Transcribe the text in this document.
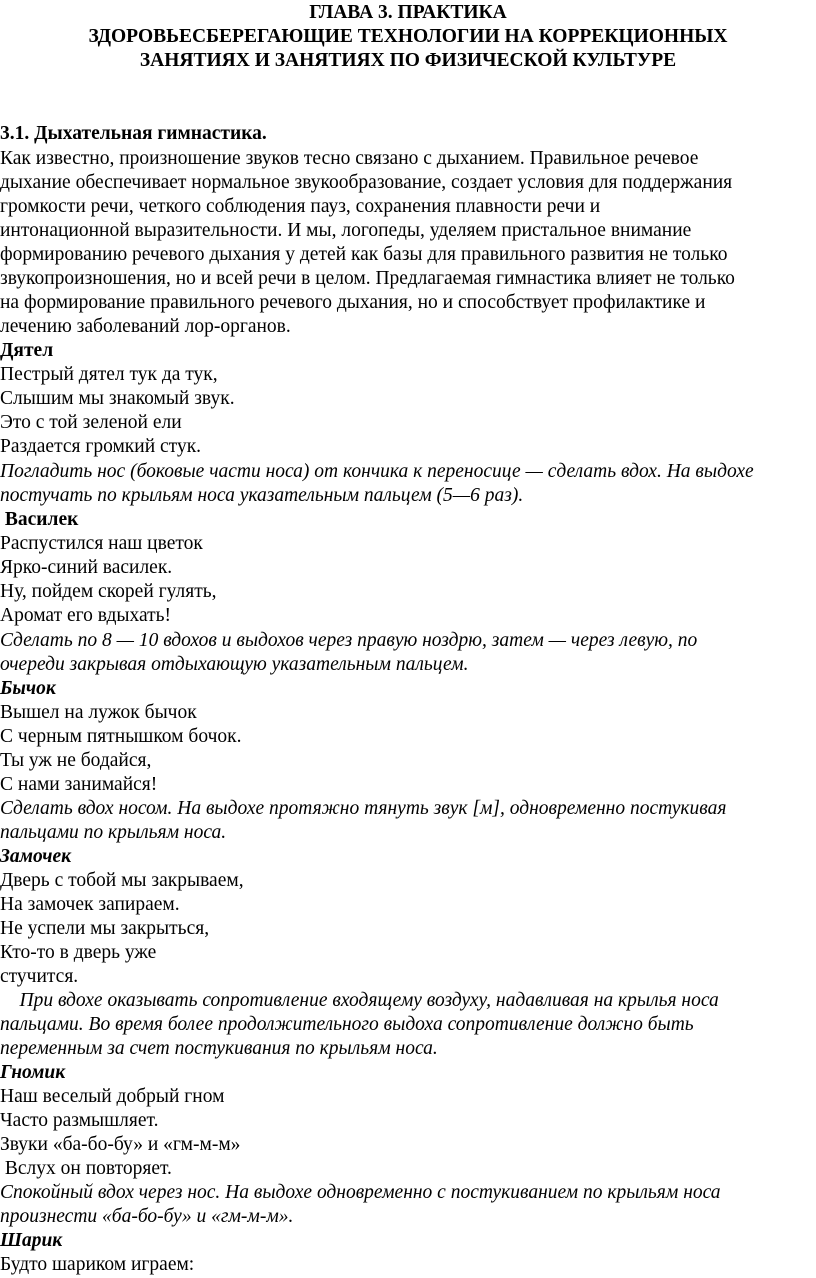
ГЛАВА 3. ПРАКТИКА
ЗДОРОВЬЕСБЕРЕГАЮЩИЕ ТЕХНОЛОГИИ НА КОРРЕКЦИОННЫХ
ЗАНЯТИЯХ И ЗАНЯТИЯХ ПО ФИЗИЧЕСКОЙ КУЛЬТУРЕ
3.1. Дыхательная гимнастика.
Как известно, произношение звуков тесно связано с дыханием. Правильное речевое
дыхание обеспечивает нормальное звукообразование, создает условия для поддержания
громкости речи, четкого соблюдения пауз, сохранения плавности речи и
интонационной выразительности. И мы, логопеды, уделяем пристальное внимание
формированию речевого дыхания у детей как базы для правильного развития не только
звукопроизношения, но и всей речи в целом. Предлагаемая гимнастика влияет не только
на формирование правильного речевого дыхания, но и способствует профилактике и
лечению заболеваний лор-органов.
Дятел
Пестрый дятел тук да тук,
Слышим мы знакомый звук.
Это с той зеленой ели
Раздается громкий стук.
Погладить нос (боковые части носа) от кончика к переносице — сделать вдох. На выдохе
постучать по крыльям носа указательным пальцем (5—6 раз).
Василек
Распустился наш цветок
Ярко-синий василек.
Ну, пойдем скорей гулять,
Аромат его вдыхать!
Сделать по 8 — 10 вдохов и выдохов через правую ноздрю, затем — через левую, по
очереди закрывая отдыхающую указательным пальцем.
Бычок
Вышел на лужок бычок
С черным пятнышком бочок.
Ты уж не бодайся,
С нами занимайся!
Сделать вдох носом. На выдохе протяжно тянуть звук [м], одновременно постукивая
пальцами по крыльям носа.
Замочек
Дверь с тобой мы закрываем,
На замочек запираем.
Не успели мы закрыться,
Кто-то в дверь уже
стучится.
При вдохе оказывать сопротивление входящему воздуху, надавливая на крылья носа
пальцами. Во время более продолжительного выдоха сопротивление должно быть
переменным за счет постукивания по крыльям носа.
Гномик
Наш веселый добрый гном
Часто размышляет.
Звуки «ба-бо-бу» и «гм-м-м»
Вслух он повторяет.
Спокойный вдох через нос. На выдохе одновременно с постукиванием по крыльям носа
произнести «ба-бо-бу» и «гм-м-м».
Шарик
Будто шариком играем:
